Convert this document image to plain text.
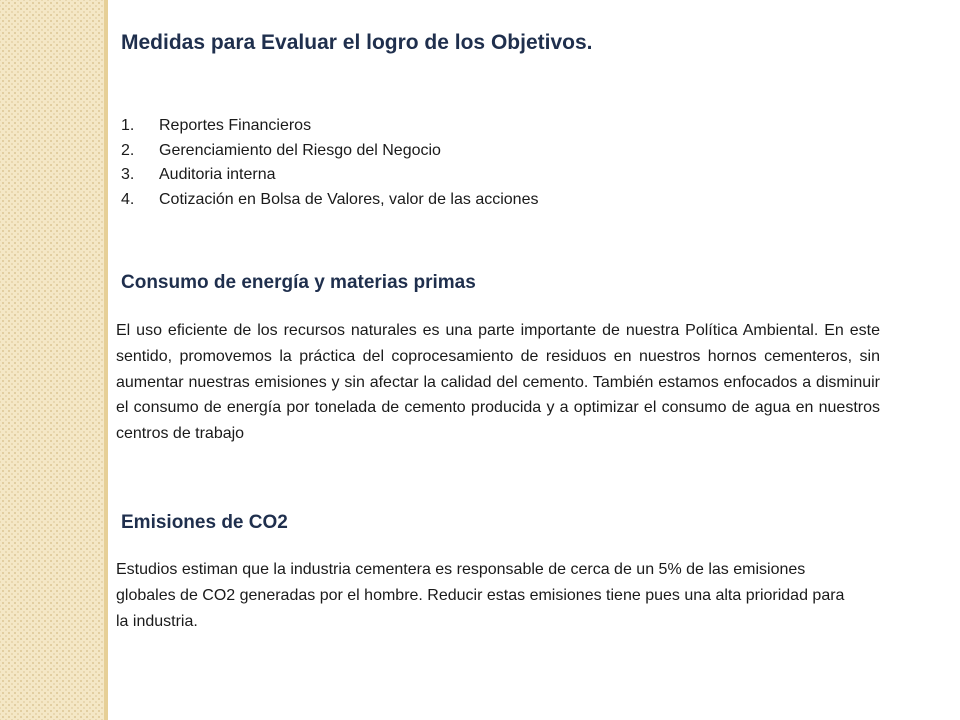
Medidas para Evaluar el logro de los Objetivos.
1.	Reportes Financieros
2.	Gerenciamiento del Riesgo del Negocio
3.	Auditoria interna
4.	Cotización en Bolsa de Valores, valor de las acciones
Consumo de energía y materias primas

El uso eficiente de los recursos naturales es una parte importante de nuestra Política Ambiental. En este sentido, promovemos la práctica del coprocesamiento de residuos en nuestros hornos cementeros, sin aumentar nuestras emisiones y sin afectar la calidad del cemento. También estamos enfocados a disminuir el consumo de energía por tonelada de cemento producida y a optimizar el consumo de agua en nuestros centros de trabajo

Emisiones de CO2

Estudios estiman que la industria cementera es responsable de cerca de un 5% de las emisiones globales de CO2 generadas por el hombre. Reducir estas emisiones tiene pues una alta prioridad para la industria.
